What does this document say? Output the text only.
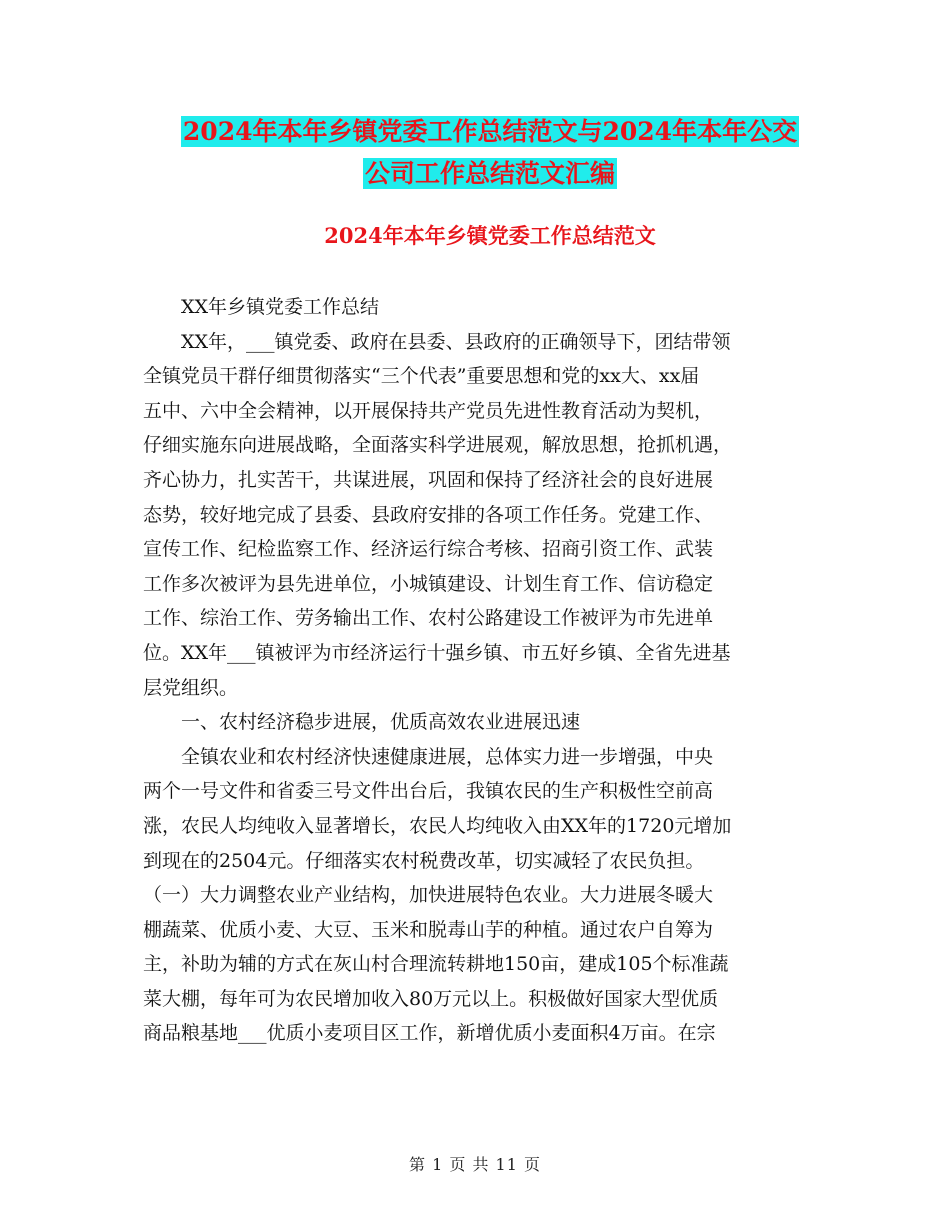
2024年本年乡镇党委工作总结范文与2024年本年公交
公司工作总结范文汇编
2024年本年乡镇党委工作总结范文
　　XX年乡镇党委工作总结
　　XX年，___镇党委、政府在县委、县政府的正确领导下，团结带领
全镇党员干群仔细贯彻落实“三个代表”重要思想和党的xx大、xx届
五中、六中全会精神，以开展保持共产党员先进性教育活动为契机，
仔细实施东向进展战略，全面落实科学进展观，解放思想，抢抓机遇，
齐心协力，扎实苦干，共谋进展，巩固和保持了经济社会的良好进展
态势，较好地完成了县委、县政府安排的各项工作任务。党建工作、
宣传工作、纪检监察工作、经济运行综合考核、招商引资工作、武装
工作多次被评为县先进单位，小城镇建设、计划生育工作、信访稳定
工作、综治工作、劳务输出工作、农村公路建设工作被评为市先进单
位。XX年___镇被评为市经济运行十强乡镇、市五好乡镇、全省先进基
层党组织。
　　一、农村经济稳步进展，优质高效农业进展迅速
　　全镇农业和农村经济快速健康进展，总体实力进一步增强，中央
两个一号文件和省委三号文件出台后，我镇农民的生产积极性空前高
涨，农民人均纯收入显著增长，农民人均纯收入由XX年的1720元增加
到现在的2504元。仔细落实农村税费改革，切实减轻了农民负担。
（一）大力调整农业产业结构，加快进展特色农业。大力进展冬暖大
棚蔬菜、优质小麦、大豆、玉米和脱毒山芋的种植。通过农户自筹为
主，补助为辅的方式在灰山村合理流转耕地150亩，建成105个标准蔬
菜大棚，每年可为农民增加收入80万元以上。积极做好国家大型优质
商品粮基地___优质小麦项目区工作，新增优质小麦面积4万亩。在宗
第 1 页 共 11 页
